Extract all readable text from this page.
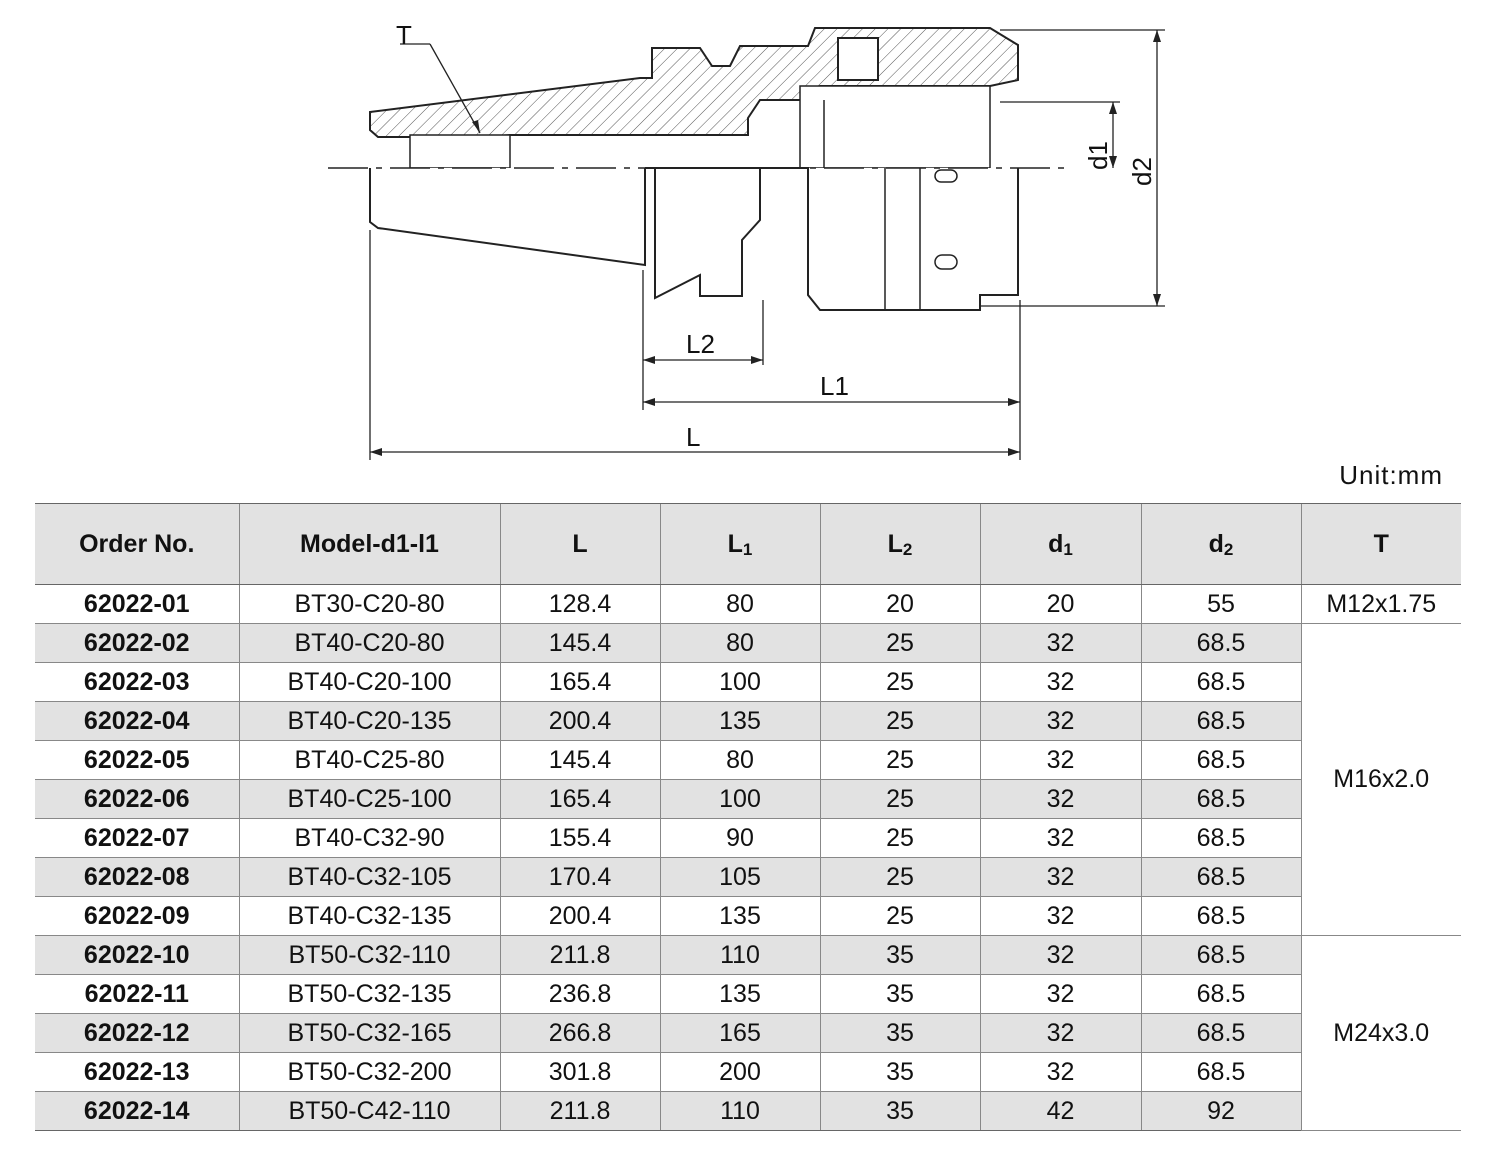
T
L2
L1
L
d1
d2
Unit:mm
Order No.	Model-d1-l1	L	L1	L2	d1	d2	T
62022-01	BT30-C20-80	128.4	80	20	20	55	M12x1.75
62022-02	BT40-C20-80	145.4	80	25	32	68.5	M16x2.0
62022-03	BT40-C20-100	165.4	100	25	32	68.5	
62022-04	BT40-C20-135	200.4	135	25	32	68.5	
62022-05	BT40-C25-80	145.4	80	25	32	68.5	
62022-06	BT40-C25-100	165.4	100	25	32	68.5	
62022-07	BT40-C32-90	155.4	90	25	32	68.5	
62022-08	BT40-C32-105	170.4	105	25	32	68.5	
62022-09	BT40-C32-135	200.4	135	25	32	68.5	
62022-10	BT50-C32-110	211.8	110	35	32	68.5	M24x3.0
62022-11	BT50-C32-135	236.8	135	35	32	68.5	
62022-12	BT50-C32-165	266.8	165	35	32	68.5	
62022-13	BT50-C32-200	301.8	200	35	32	68.5	
62022-14	BT50-C42-110	211.8	110	35	42	92	
